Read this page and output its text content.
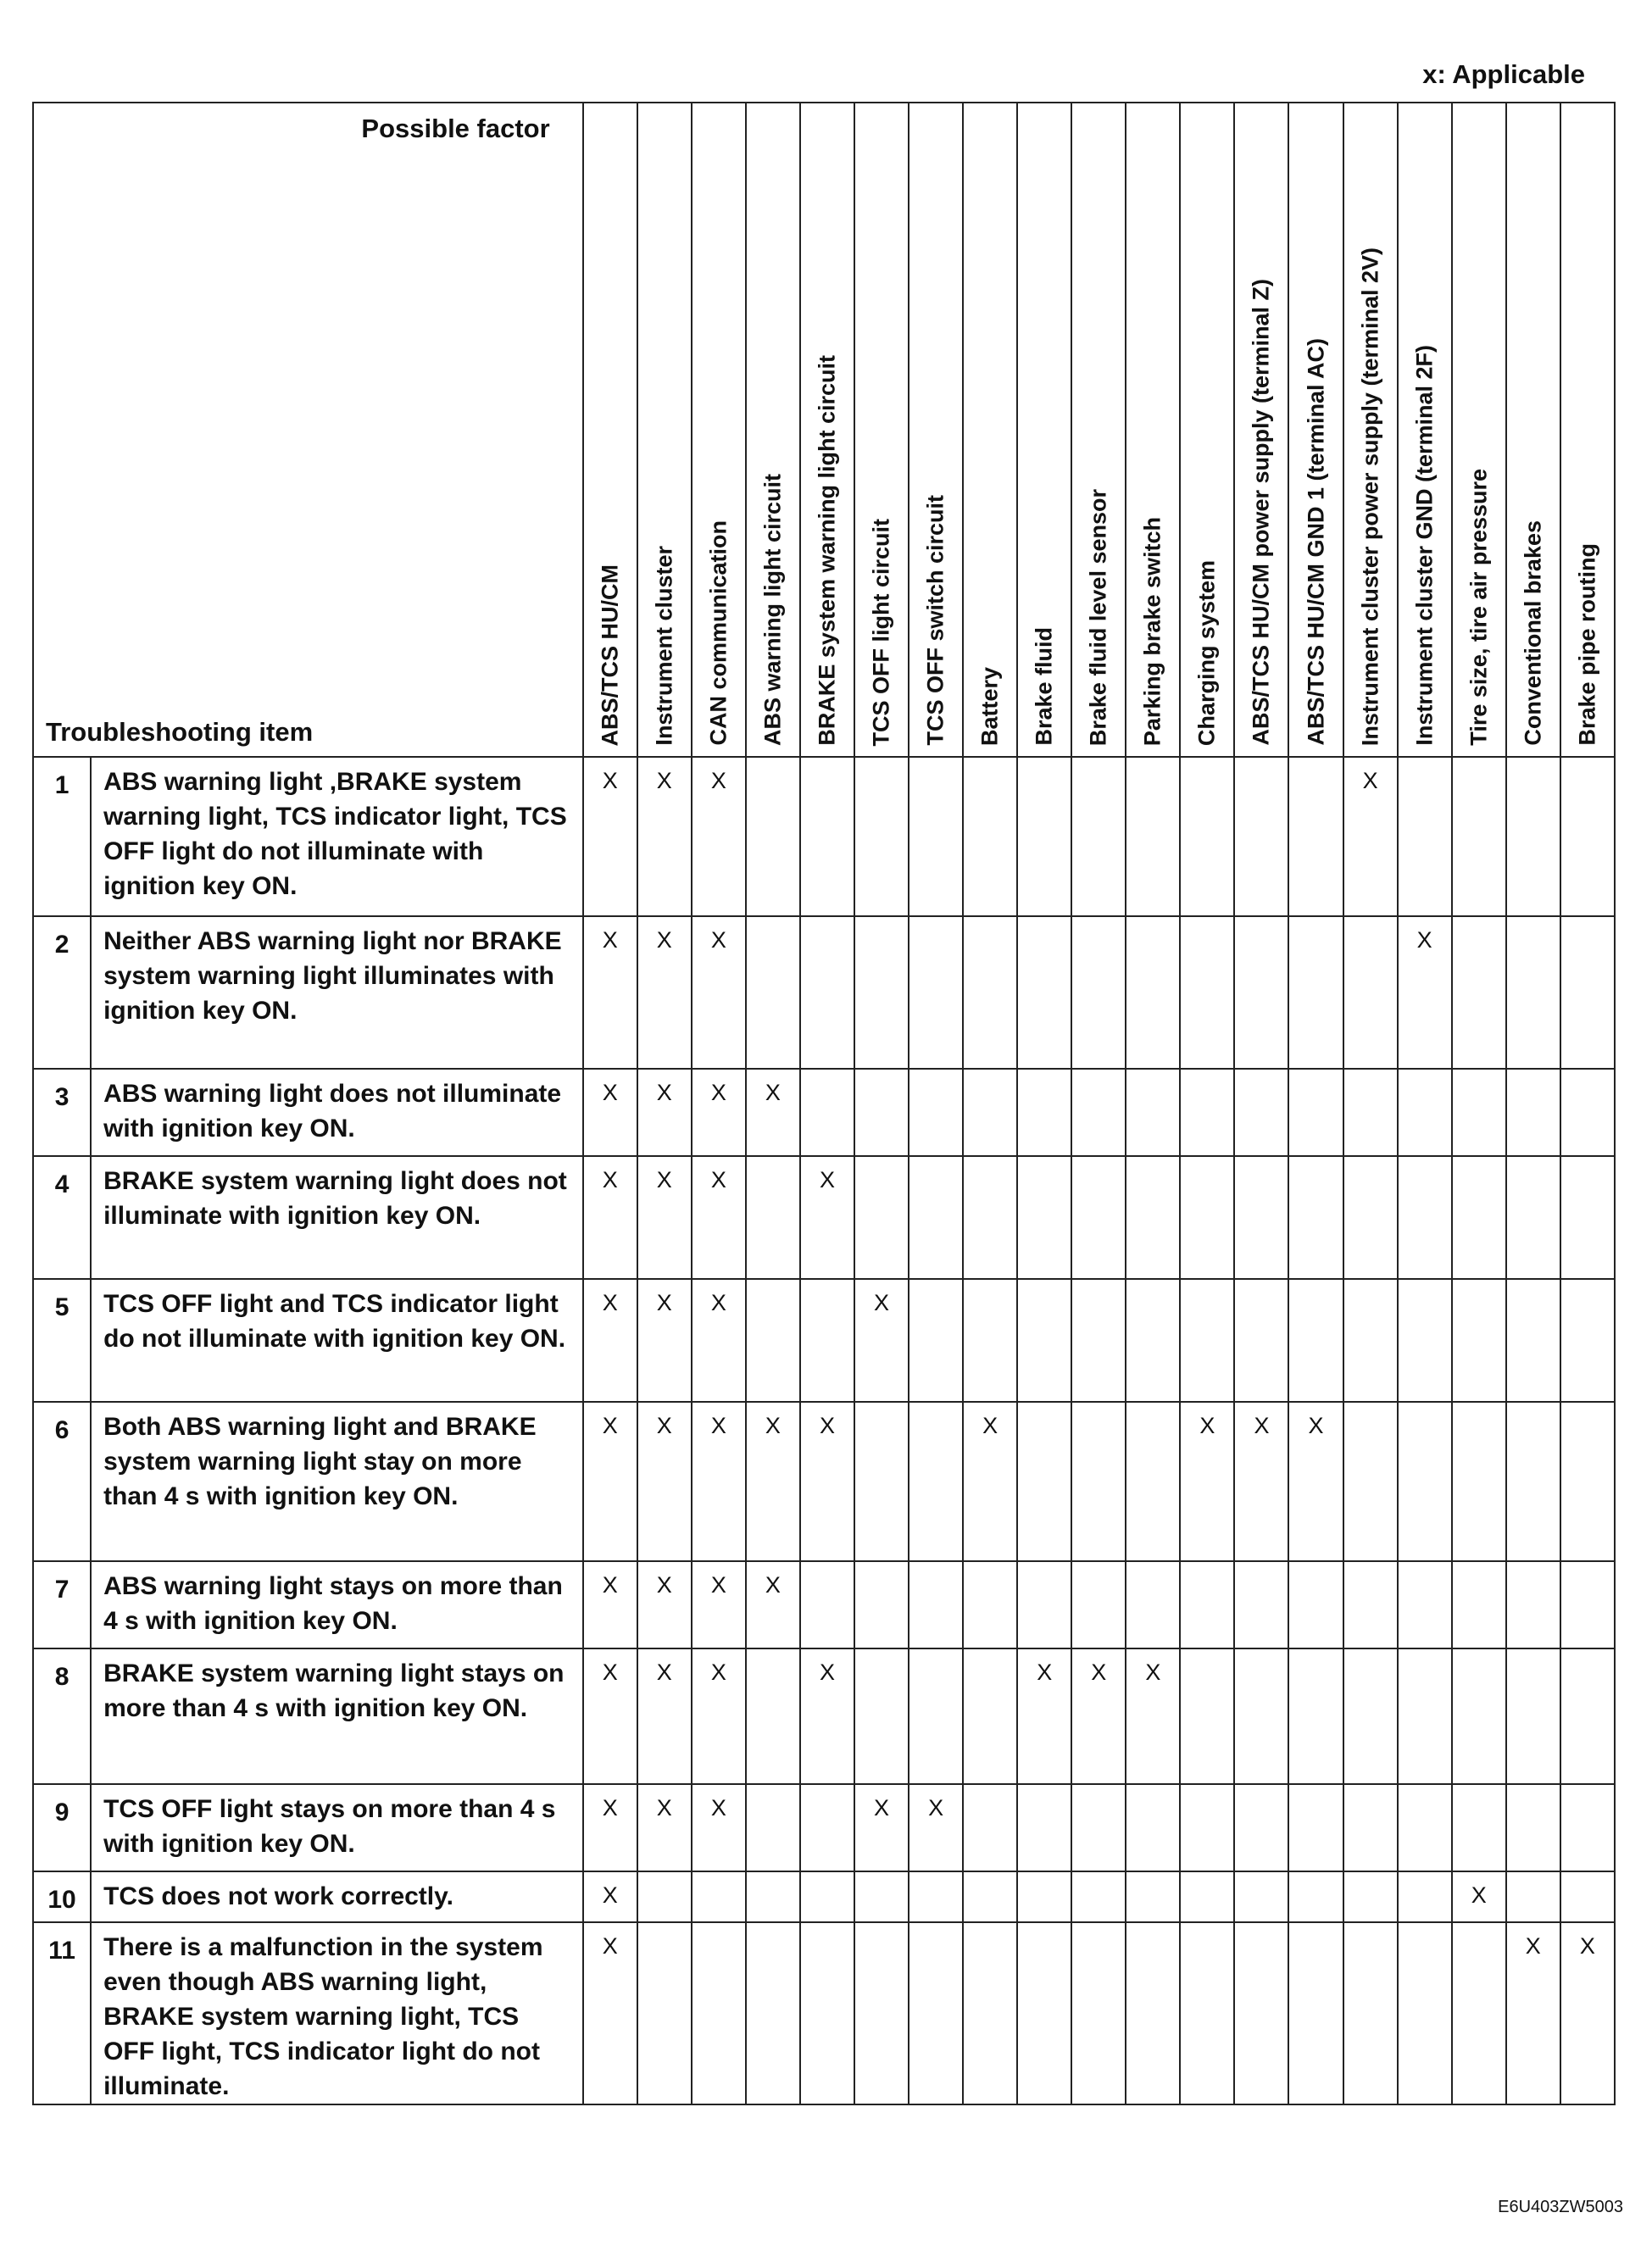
x: Applicable
Possible factor
Troubleshooting item		ABS/TCS HU/CM	Instrument cluster	CAN communication	ABS warning light circuit	BRAKE system warning light circuit	TCS OFF light circuit	TCS OFF switch circuit	Battery	Brake fluid	Brake fluid level sensor	Parking brake switch	Charging system	ABS/TCS HU/CM power supply (terminal Z)	ABS/TCS HU/CM GND 1 (terminal AC)	Instrument cluster power supply (terminal 2V)	Instrument cluster GND (terminal 2F)	Tire size, tire air pressure	Conventional brakes	Brake pipe routing

1	ABS warning light ,BRAKE system warning light, TCS indicator light, TCS OFF light do not illuminate with ignition key ON.	X	X	X												X				
2	Neither ABS warning light nor BRAKE system warning light illuminates with ignition key ON.	X	X	X													X			
3	ABS warning light does not illuminate with ignition key ON.	X	X	X	X															
4	BRAKE system warning light does not illuminate with ignition key ON.	X	X	X		X														
5	TCS OFF light and TCS indicator light do not illuminate with ignition key ON.	X	X	X			X													
6	Both ABS warning light and BRAKE system warning light stay on more than 4 s with ignition key ON.	X	X	X	X	X			X				X	X	X					
7	ABS warning light stays on more than 4 s with ignition key ON.	X	X	X	X															
8	BRAKE system warning light stays on more than 4 s with ignition key ON.	X	X	X		X				X	X	X								
9	TCS OFF light stays on more than 4 s with ignition key ON.	X	X	X			X	X												
10	TCS does not work correctly.	X																X		
11	There is a malfunction in the system even though ABS warning light, BRAKE system warning light, TCS OFF light, TCS indicator light do not illuminate.	X																	X	X
E6U403ZW5003
